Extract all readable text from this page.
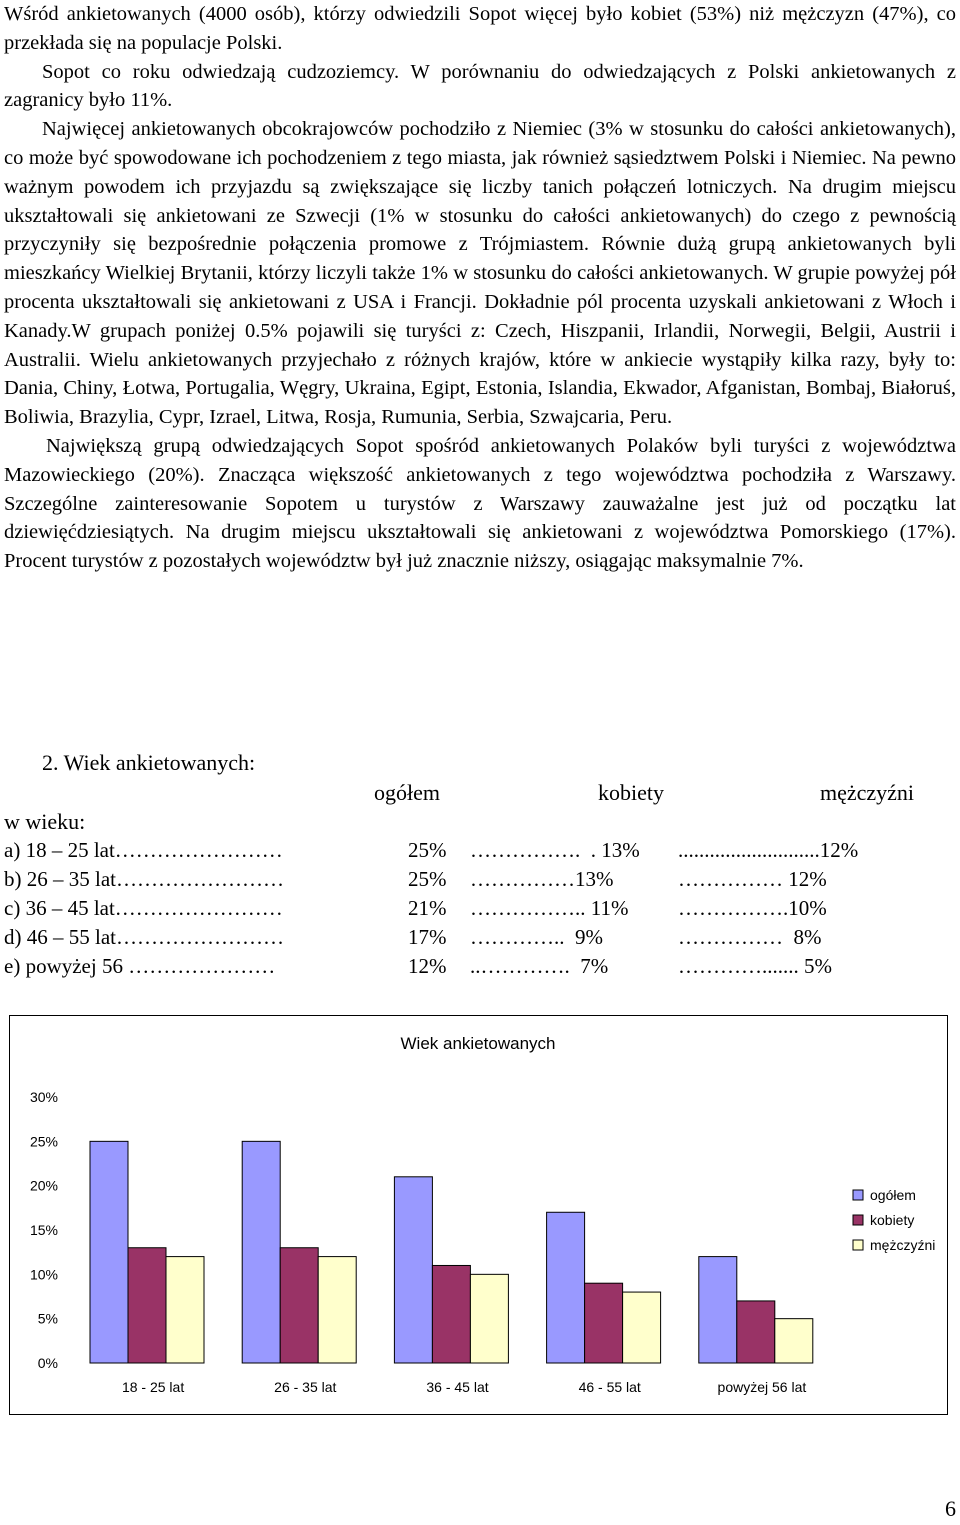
Wśród ankietowanych (4000 osób), którzy odwiedzili Sopot więcej było kobiet (53%) niż mężczyzn (47%), co przekłada się na populacje Polski.

Sopot co roku odwiedzają cudzoziemcy. W porównaniu do odwiedzających z Polski ankietowanych z zagranicy było 11%.

Najwięcej ankietowanych obcokrajowców pochodziło z Niemiec (3% w stosunku do całości ankietowanych), co może być spowodowane ich pochodzeniem z tego miasta, jak również sąsiedztwem Polski i Niemiec. Na pewno ważnym powodem ich przyjazdu są zwiększające się liczby tanich połączeń lotniczych. Na drugim miejscu ukształtowali się ankietowani ze Szwecji (1% w stosunku do całości ankietowanych) do czego z pewnością przyczyniły się bezpośrednie połączenia promowe z Trójmiastem. Równie dużą grupą ankietowanych byli mieszkańcy Wielkiej Brytanii, którzy liczyli także 1% w stosunku do całości ankietowanych. W grupie powyżej pół procenta ukształtowali się ankietowani z USA i Francji. Dokładnie pól procenta uzyskali ankietowani z Włoch i Kanady.W grupach poniżej 0.5% pojawili się turyści z: Czech, Hiszpanii, Irlandii, Norwegii, Belgii, Austrii i Australii. Wielu ankietowanych przyjechało z różnych krajów, które w ankiecie wystąpiły kilka razy, były to: Dania, Chiny, Łotwa, Portugalia, Węgry, Ukraina, Egipt, Estonia, Islandia, Ekwador, Afganistan, Bombaj, Białoruś, Boliwia, Brazylia, Cypr, Izrael, Litwa, Rosja, Rumunia, Serbia, Szwajcaria, Peru.

Największą grupą odwiedzających Sopot spośród ankietowanych Polaków byli turyści z województwa Mazowieckiego (20%). Znacząca większość ankietowanych z tego województwa pochodziła z Warszawy. Szczególne zainteresowanie Sopotem u turystów z Warszawy zauważalne jest już od początku lat dziewięćdziesiątych. Na drugim miejscu ukształtowali się ankietowani z województwa Pomorskiego (17%). Procent turystów z pozostałych województw był już znacznie niższy, osiągając maksymalnie 7%.

2. Wiek ankietowanych:
ogółem	kobiety	mężczyźni
w wieku:
a) 18 – 25 lat……………………	25% …………….  . 13% ...........................12%
b) 26 – 35 lat……………………	25% ……………13%	…………… 12%
c) 36 – 45 lat……………………	21% …………….. 11% …………….10%
d) 46 – 55 lat……………………	17% …………..  9%	……………  8%
e) powyżej 56 …………………	12% ..………….  7%	…………....... 5%
Wiek ankietowanych
0%
5%
10%
15%
20%
25%
30%
18 - 25 lat	26 - 35 lat	36 - 45 lat	46 - 55 lat	powyżej 56 lat
ogółem
kobiety
mężczyźni
6
